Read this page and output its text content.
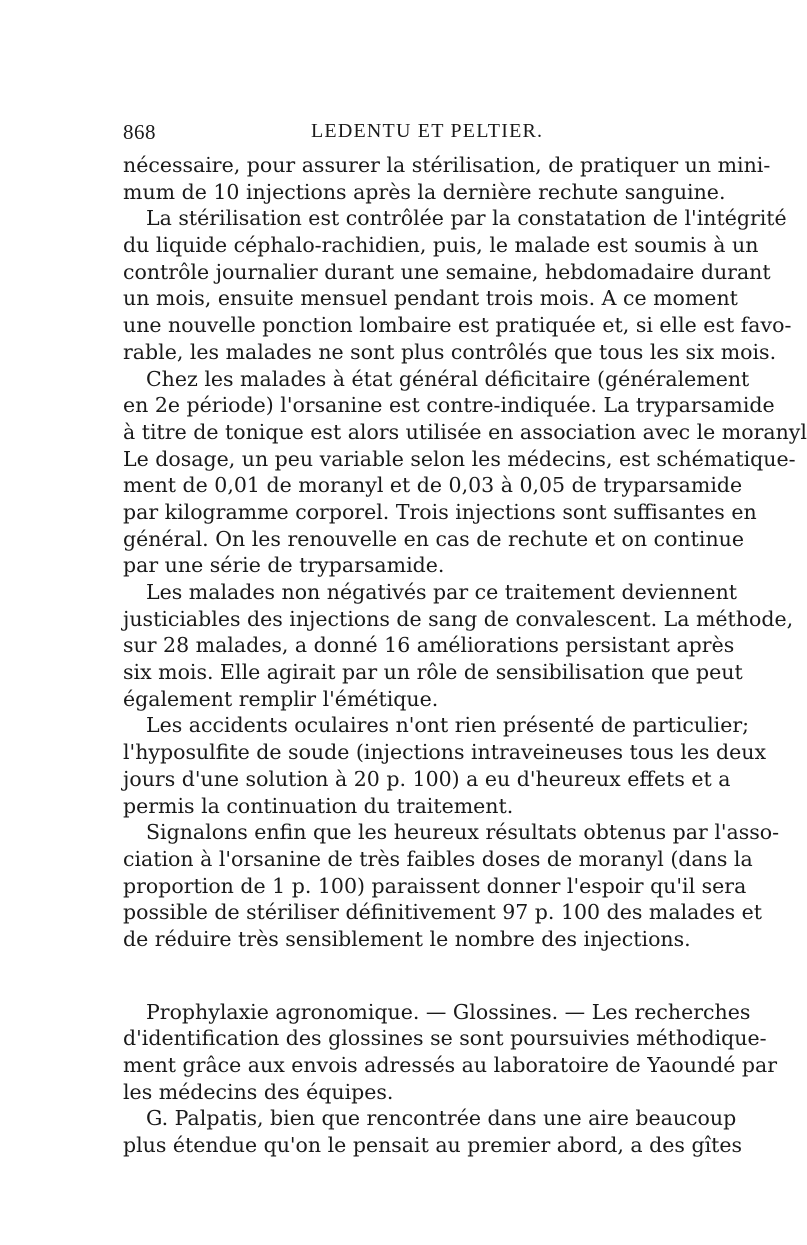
868	LEDENTU ET PELTIER.
nécessaire, pour assurer la stérilisation, de pratiquer un mini-
mum de 10 injections après la dernière rechute sanguine.
La stérilisation est contrôlée par la constatation de l'intégrité
du liquide céphalo-rachidien, puis, le malade est soumis à un
contrôle journalier durant une semaine, hebdomadaire durant
un mois, ensuite mensuel pendant trois mois. A ce moment
une nouvelle ponction lombaire est pratiquée et, si elle est favo-
rable, les malades ne sont plus contrôlés que tous les six mois.
Chez les malades à état général déficitaire (généralement
en 2e période) l'orsanine est contre-indiquée. La tryparsamide
à titre de tonique est alors utilisée en association avec le moranyl
Le dosage, un peu variable selon les médecins, est schématique-
ment de 0,01 de moranyl et de 0,03 à 0,05 de tryparsamide
par kilogramme corporel. Trois injections sont suffisantes en
général. On les renouvelle en cas de rechute et on continue
par une série de tryparsamide.
Les malades non négativés par ce traitement deviennent
justiciables des injections de sang de convalescent. La méthode,
sur 28 malades, a donné 16 améliorations persistant après
six mois. Elle agirait par un rôle de sensibilisation que peut
également remplir l'émétique.
Les accidents oculaires n'ont rien présenté de particulier;
l'hyposulfite de soude (injections intraveineuses tous les deux
jours d'une solution à 20 p. 100) a eu d'heureux effets et a
permis la continuation du traitement.
Signalons enfin que les heureux résultats obtenus par l'asso-
ciation à l'orsanine de très faibles doses de moranyl (dans la
proportion de 1 p. 100) paraissent donner l'espoir qu'il sera
possible de stériliser définitivement 97 p. 100 des malades et
de réduire très sensiblement le nombre des injections.
Prophylaxie agronomique. — Glossines. — Les recherches
d'identification des glossines se sont poursuivies méthodique-
ment grâce aux envois adressés au laboratoire de Yaoundé par
les médecins des équipes.
G. Palpatis, bien que rencontrée dans une aire beaucoup
plus étendue qu'on le pensait au premier abord, a des gîtes
